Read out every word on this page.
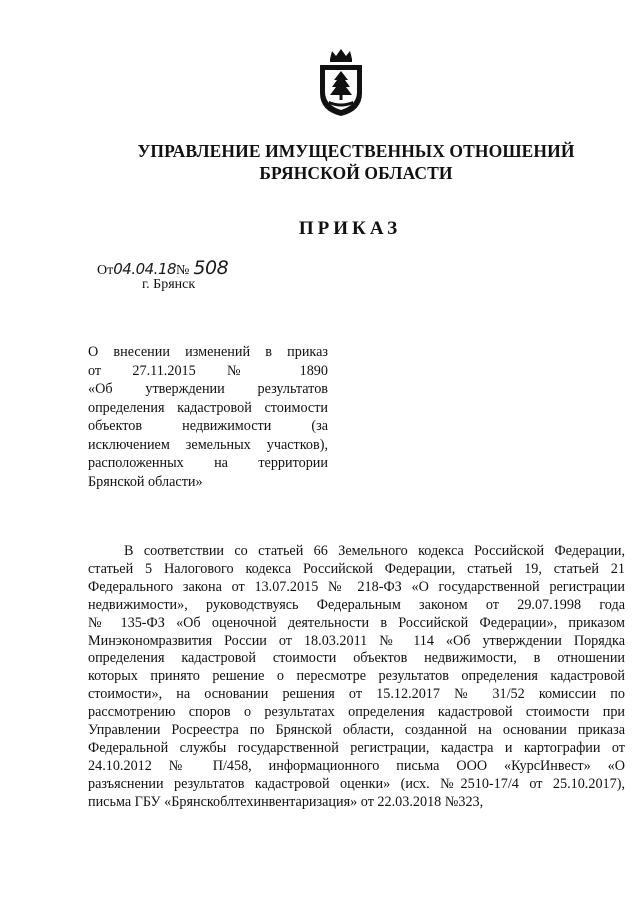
УПРАВЛЕНИЕ ИМУЩЕСТВЕННЫХ ОТНОШЕНИЙ
БРЯНСКОЙ ОБЛАСТИ
ПРИКАЗ
От 04.04.18 № 508
г. Брянск
О внесении изменений в приказ
от 27.11.2015 № 1890
«Об утверждении результатов
определения кадастровой стоимости
объектов недвижимости (за
исключением земельных участков),
расположенных на территории
Брянской области»
В соответствии со статьей 66 Земельного кодекса Российской Федерации,
статьей 5 Налогового кодекса Российской Федерации, статьей 19, статьей 21
Федерального закона от 13.07.2015 № 218-ФЗ «О государственной регистрации
недвижимости», руководствуясь Федеральным законом от 29.07.1998 года
№ 135-ФЗ «Об оценочной деятельности в Российской Федерации», приказом
Минэкономразвития России от 18.03.2011 № 114 «Об утверждении Порядка
определения кадастровой стоимости объектов недвижимости, в отношении
которых принято решение о пересмотре результатов определения кадастровой
стоимости», на основании решения от 15.12.2017 № 31/52 комиссии по
рассмотрению споров о результатах определения кадастровой стоимости при
Управлении Росреестра по Брянской области, созданной на основании приказа
Федеральной службы государственной регистрации, кадастра и картографии от
24.10.2012 № П/458, информационного письма ООО «КурсИнвест» «О
разъяснении результатов кадастровой оценки» (исх. №2510-17/4 от 25.10.2017),
письма ГБУ «Брянскоблтехинвентаризация» от 22.03.2018 №323,
